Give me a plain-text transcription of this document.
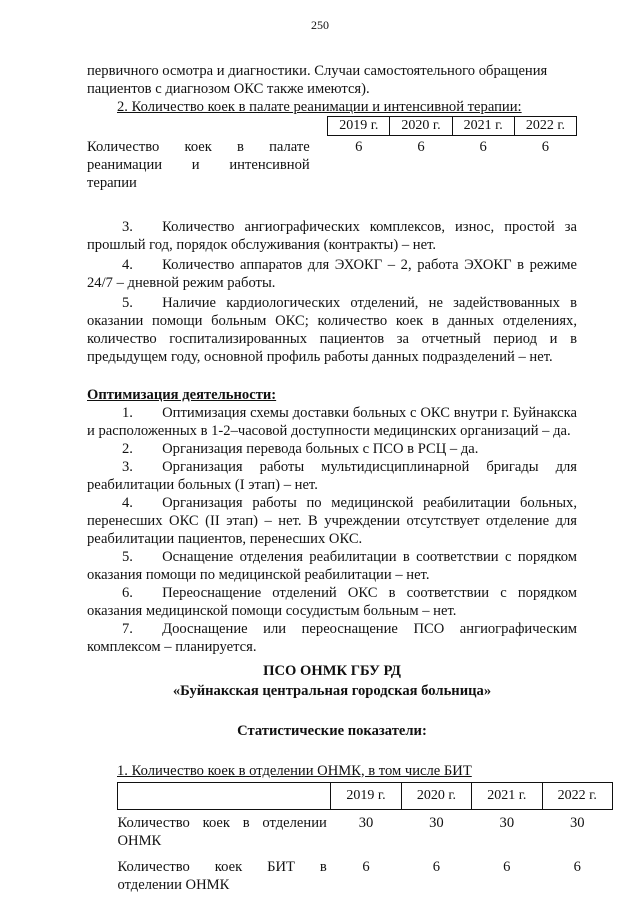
250

первичного осмотра и диагностики. Случаи самостоятельного обращения

пациентов с диагнозом ОКС также имеются).

2. Количество коек в палате реанимации и интенсивной терапии:

	2019 г.	2020 г.	2021 г.	2022 г.
Количество коек в палате реанимации и интенсивной терапии	6	6	6	6

3.   Количество ангиографических комплексов, износ, простой за прошлый год, порядок обслуживания (контракты) – нет.

4.   Количество аппаратов для ЭХОКГ – 2, работа ЭХОКГ в режиме 24/7 – дневной режим работы.

5.   Наличие кардиологических отделений, не задействованных в оказании помощи больным ОКС; количество коек в данных отделениях, количество госпитализированных пациентов за отчетный период и в предыдущем году, основной профиль работы данных подразделений – нет.

Оптимизация деятельности:

1.   Оптимизация схемы доставки больных с ОКС внутри г. Буйнакска и расположенных в 1-2–часовой доступности медицинских организаций – да.

2.   Организация перевода больных с ПСО в РСЦ – да.

3.   Организация работы мультидисциплинарной бригады для реабилитации больных (I этап) – нет.

4.   Организация работы по медицинской реабилитации больных, перенесших ОКС (II этап) – нет. В учреждении отсутствует отделение для реабилитации пациентов, перенесших ОКС.

5.   Оснащение отделения реабилитации в соответствии с порядком оказания помощи по медицинской реабилитации – нет.

6.   Переоснащение отделений ОКС в соответствии с порядком оказания медицинской помощи сосудистым больным – нет.

7.   Дооснащение или переоснащение ПСО ангиографическим комплексом – планируется.

ПСО ОНМК ГБУ РД

«Буйнакская центральная городская больница»

Статистические показатели:

1. Количество коек в отделении ОНМК, в том числе БИТ

	2019 г.	2020 г.	2021 г.	2022 г.
Количество коек в отделении ОНМК	30	30	30	30
Количество коек БИТ в отделении ОНМК	6	6	6	6
